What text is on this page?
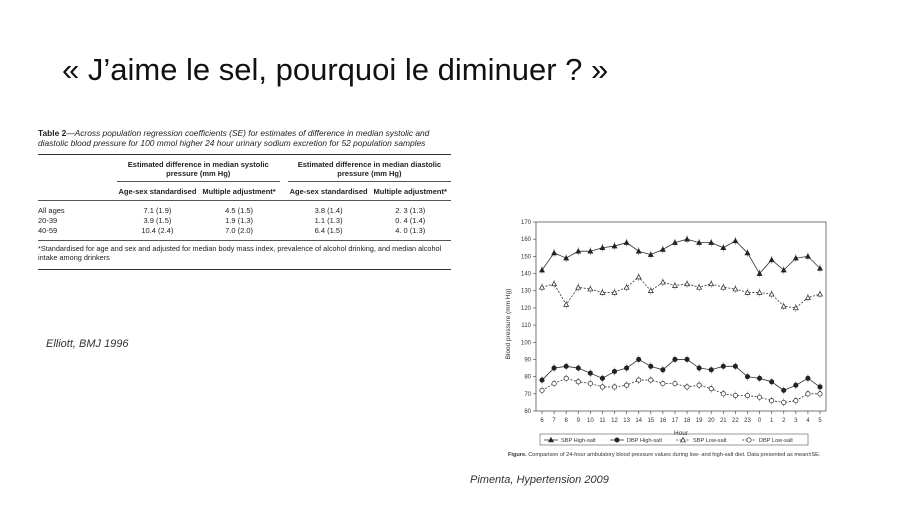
« J’aime le sel, pourquoi le diminuer ? »
Table 2—Across population regression coefficients (SE) for estimates of difference in median systolic and diastolic blood pressure for 100 mmol higher 24 hour urinary sodium excretion for 52 population samples
Estimated difference in median systolic pressure (mm Hg)
Estimated difference in median diastolic pressure (mm Hg)
Age-sex standardised Multiple adjustment*	Age-sex standardised Multiple adjustment*
All ages	7.1 (1.9)	4.5 (1.5)	3.8 (1.4)	2. 3 (1.3)
20-39	3.9 (1.5)	1.9 (1.3)	1.1 (1.3)	0. 4 (1.4)
40-59	10.4 (2.4)	7.0 (2.0)	6.4 (1.5)	4. 0 (1.3)
*Standardised for age and sex and adjusted for median body mass index, prevalence of alcohol drinking, and median alcohol intake among drinkers
Elliott, BMJ 1996
60
70
80
90
100
110
120
130
140
150
160
170
6 7 8 9 10 11 12 13 14 15 16 17 18 19 20 21 22 23 0 1 2 3 4 5
Blood pressure (mm Hg)
Hour
SBP High-salt	DBP High-salt	SBP Low-salt	DBP Low-salt
Figure. Comparison of 24-hour ambulatory blood pressure values during low- and high-salt diet. Data presented as mean±SE.
Pimenta, Hypertension 2009
